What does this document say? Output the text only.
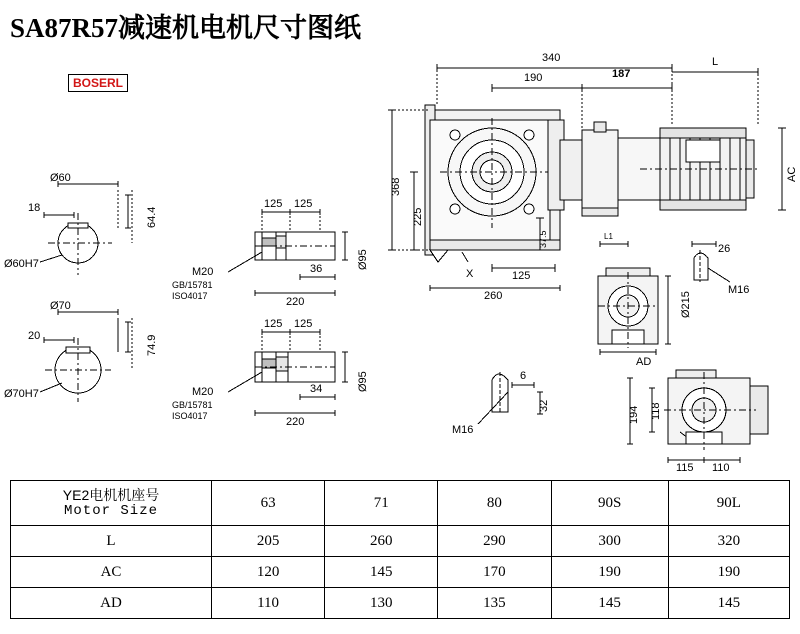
SA87R57减速机电机尺寸图纸
BOSERL
Ø60
18	64.4
Ø60H7
Ø70
20	74.9
Ø70H7
125 125
36
220
Ø95
M20
GB/15781
ISO4017
125 125
34
220
Ø95
M20
GB/15781
ISO4017
340
190	187
L
368
225
37.5
125
260
X
AC
L1
26
M16
Ø215
AD
M16
6
32	194 118
115 110
YE2电机机座号
Motor Size	63	71	80	90S	90L
L	205	260	290	300	320
AC	120	145	170	190	190
AD	110	130	135	145	145
